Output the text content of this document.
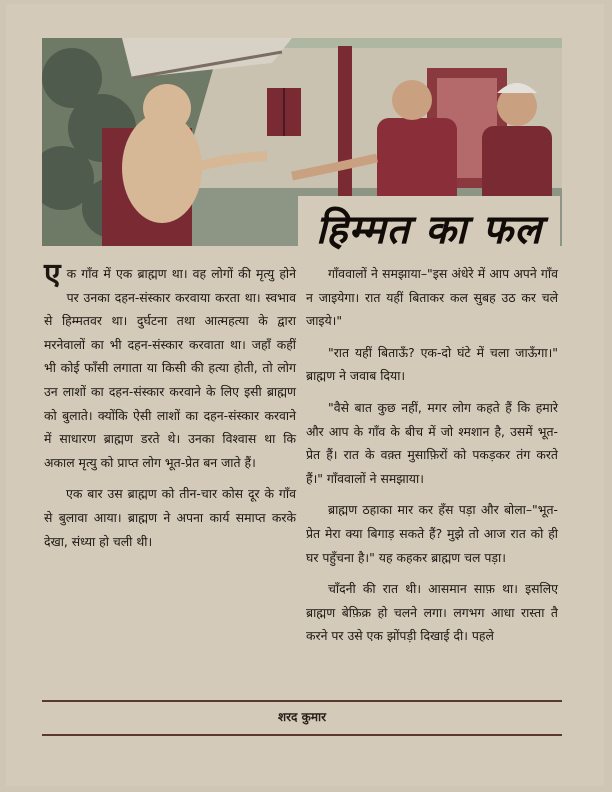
हिम्मत का फल

एक गाँव में एक ब्राह्मण था। वह लोगों की मृत्यु होने पर उनका दहन-संस्कार करवाया करता था। स्वभाव से हिम्मतवर था। दुर्घटना तथा आत्महत्या के द्वारा मरनेवालों का भी दहन-संस्कार करवाता था। जहाँ कहीं भी कोई फाँसी लगाता या किसी की हत्या होती, तो लोग उन लाशों का दहन-संस्कार करवाने के लिए इसी ब्राह्मण को बुलाते। क्योंकि ऐसी लाशों का दहन-संस्कार करवाने में साधारण ब्राह्मण डरते थे। उनका विश्वास था कि अकाल मृत्यु को प्राप्त लोग भूत-प्रेत बन जाते हैं।

एक बार उस ब्राह्मण को तीन-चार कोस दूर के गाँव से बुलावा आया। ब्राह्मण ने अपना कार्य समाप्त करके देखा, संध्या हो चली थी।

गाँववालों ने समझाया–"इस अंधेरे में आप अपने गाँव न जाइयेगा। रात यहीं बिताकर कल सुबह उठ कर चले जाइये।"

"रात यहीं बिताऊँ? एक-दो घंटे में चला जाऊँगा।" ब्राह्मण ने जवाब दिया।

"वैसे बात कुछ नहीं, मगर लोग कहते हैं कि हमारे और आप के गाँव के बीच में जो श्मशान है, उसमें भूत-प्रेत हैं। रात के वक़्त मुसाफ़िरों को पकड़कर तंग करते हैं।" गाँववालों ने समझाया।

ब्राह्मण ठहाका मार कर हँस पड़ा और बोला–"भूत-प्रेत मेरा क्या बिगाड़ सकते हैं? मुझे तो आज रात को ही घर पहुँचना है।" यह कहकर ब्राह्मण चल पड़ा।

चाँदनी की रात थी। आसमान साफ़ था। इसलिए ब्राह्मण बेफ़िक्र हो चलने लगा। लगभग आधा रास्ता तै करने पर उसे एक झोंपड़ी दिखाई दी। पहले

शरद कुमार
